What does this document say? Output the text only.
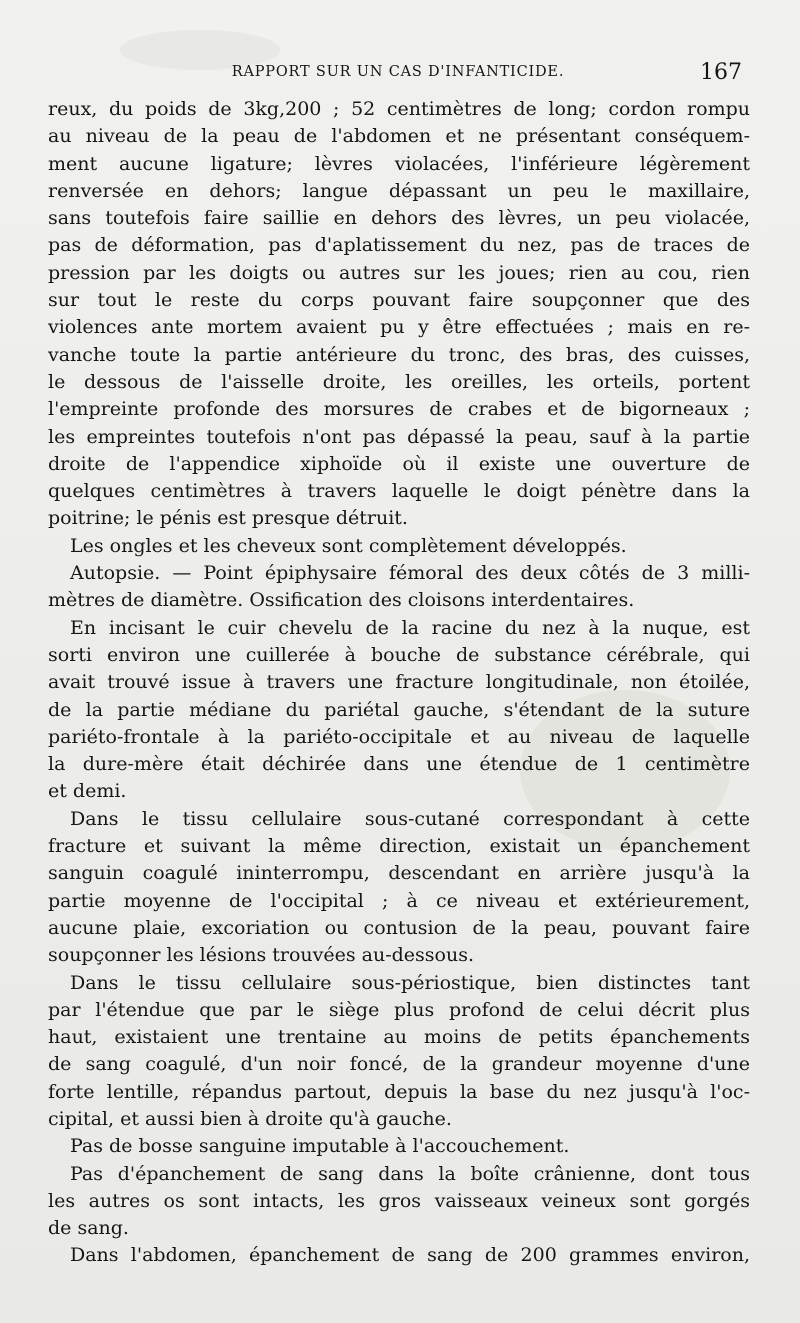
RAPPORT SUR UN CAS D'INFANTICIDE.	167
reux, du poids de 3kg,200 ; 52 centimètres de long; cordon rompu
au niveau de la peau de l'abdomen et ne présentant conséquem-
ment aucune ligature; lèvres violacées, l'inférieure légèrement
renversée en dehors; langue dépassant un peu le maxillaire,
sans toutefois faire saillie en dehors des lèvres, un peu violacée,
pas de déformation, pas d'aplatissement du nez, pas de traces de
pression par les doigts ou autres sur les joues; rien au cou, rien
sur tout le reste du corps pouvant faire soupçonner que des
violences ante mortem avaient pu y être effectuées ; mais en re-
vanche toute la partie antérieure du tronc, des bras, des cuisses,
le dessous de l'aisselle droite, les oreilles, les orteils, portent
l'empreinte profonde des morsures de crabes et de bigorneaux ;
les empreintes toutefois n'ont pas dépassé la peau, sauf à la partie
droite de l'appendice xiphoïde où il existe une ouverture de
quelques centimètres à travers laquelle le doigt pénètre dans la
poitrine; le pénis est presque détruit.
Les ongles et les cheveux sont complètement développés.
Autopsie. — Point épiphysaire fémoral des deux côtés de 3 milli-
mètres de diamètre. Ossification des cloisons interdentaires.
En incisant le cuir chevelu de la racine du nez à la nuque, est
sorti environ une cuillerée à bouche de substance cérébrale, qui
avait trouvé issue à travers une fracture longitudinale, non étoilée,
de la partie médiane du pariétal gauche, s'étendant de la suture
pariéto-frontale à la pariéto-occipitale et au niveau de laquelle
la dure-mère était déchirée dans une étendue de 1 centimètre
et demi.
Dans le tissu cellulaire sous-cutané correspondant à cette
fracture et suivant la même direction, existait un épanchement
sanguin coagulé ininterrompu, descendant en arrière jusqu'à la
partie moyenne de l'occipital ; à ce niveau et extérieurement,
aucune plaie, excoriation ou contusion de la peau, pouvant faire
soupçonner les lésions trouvées au-dessous.
Dans le tissu cellulaire sous-périostique, bien distinctes tant
par l'étendue que par le siège plus profond de celui décrit plus
haut, existaient une trentaine au moins de petits épanchements
de sang coagulé, d'un noir foncé, de la grandeur moyenne d'une
forte lentille, répandus partout, depuis la base du nez jusqu'à l'oc-
cipital, et aussi bien à droite qu'à gauche.
Pas de bosse sanguine imputable à l'accouchement.
Pas d'épanchement de sang dans la boîte crânienne, dont tous
les autres os sont intacts, les gros vaisseaux veineux sont gorgés
de sang.
Dans l'abdomen, épanchement de sang de 200 grammes environ,
